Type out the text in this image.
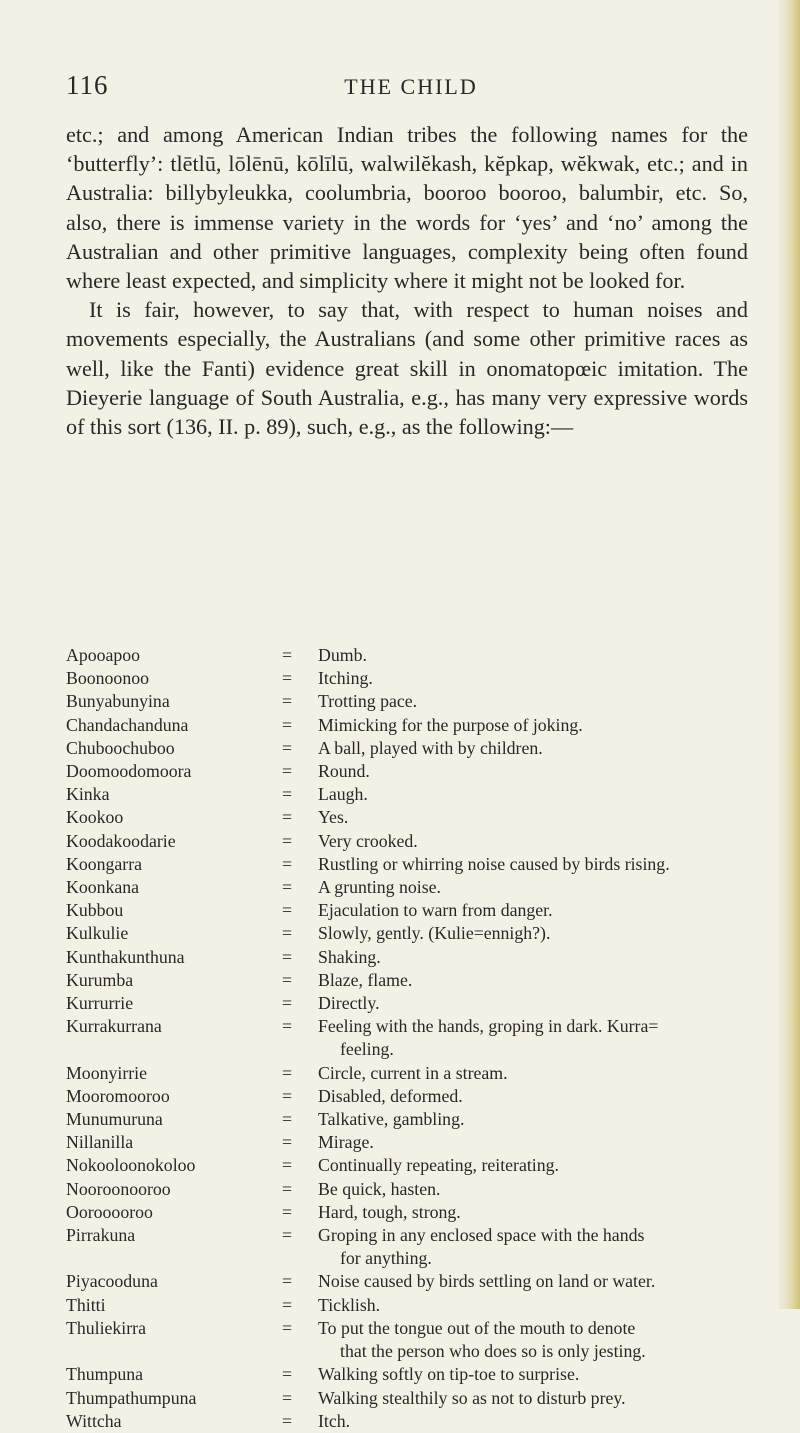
116	THE CHILD

etc.; and among American Indian tribes the following names for the ‘butterfly’: tlētlū, lōlēnū, kōlīlū, walwilĕkash, kĕpkap, wĕkwak, etc.; and in Australia: billybyleukka, coolumbria, booroo booroo, balumbir, etc. So, also, there is immense variety in the words for ‘yes’ and ‘no’ among the Australian and other primitive languages, complexity being often found where least expected, and simplicity where it might not be looked for.

It is fair, however, to say that, with respect to human noises and movements especially, the Australians (and some other primitive races as well, like the Fanti) evidence great skill in onomatopœic imitation. The Dieyerie language of South Australia, e.g., has many very expressive words of this sort (136, II. p. 89), such, e.g., as the following:—

Apooapoo	=	Dumb.
Boonoonoo	=	Itching.
Bunyabunyina	=	Trotting pace.
Chandachanduna	=	Mimicking for the purpose of joking.
Chuboochuboo	=	A ball, played with by children.
Doomoodomoora	=	Round.
Kinka	=	Laugh.
Kookoo	=	Yes.
Koodakoodarie	=	Very crooked.
Koongarra	=	Rustling or whirring noise caused by birds rising.
Koonkana	=	A grunting noise.
Kubbou	=	Ejaculation to warn from danger.
Kulkulie	=	Slowly, gently. (Kulie=ennigh?).
Kunthakunthuna	=	Shaking.
Kurumba	=	Blaze, flame.
Kurrurrie	=	Directly.
Kurrakurrana	=	Feeling with the hands, groping in dark. Kurra=
feeling.
Moonyirrie	=	Circle, current in a stream.
Mooromooroo	=	Disabled, deformed.
Munumuruna	=	Talkative, gambling.
Nillanilla	=	Mirage.
Nokooloonokoloo	=	Continually repeating, reiterating.
Nooroonooroo	=	Be quick, hasten.
Oorooooroo	=	Hard, tough, strong.
Pirrakuna	=	Groping in any enclosed space with the hands
for anything.
Piyacooduna	=	Noise caused by birds settling on land or water.
Thitti	=	Ticklish.
Thuliekirra	=	To put the tongue out of the mouth to denote
that the person who does so is only jesting.
Thumpuna	=	Walking softly on tip-toe to surprise.
Thumpathumpuna	=	Walking stealthily so as not to disturb prey.
Wittcha	=	Itch.
